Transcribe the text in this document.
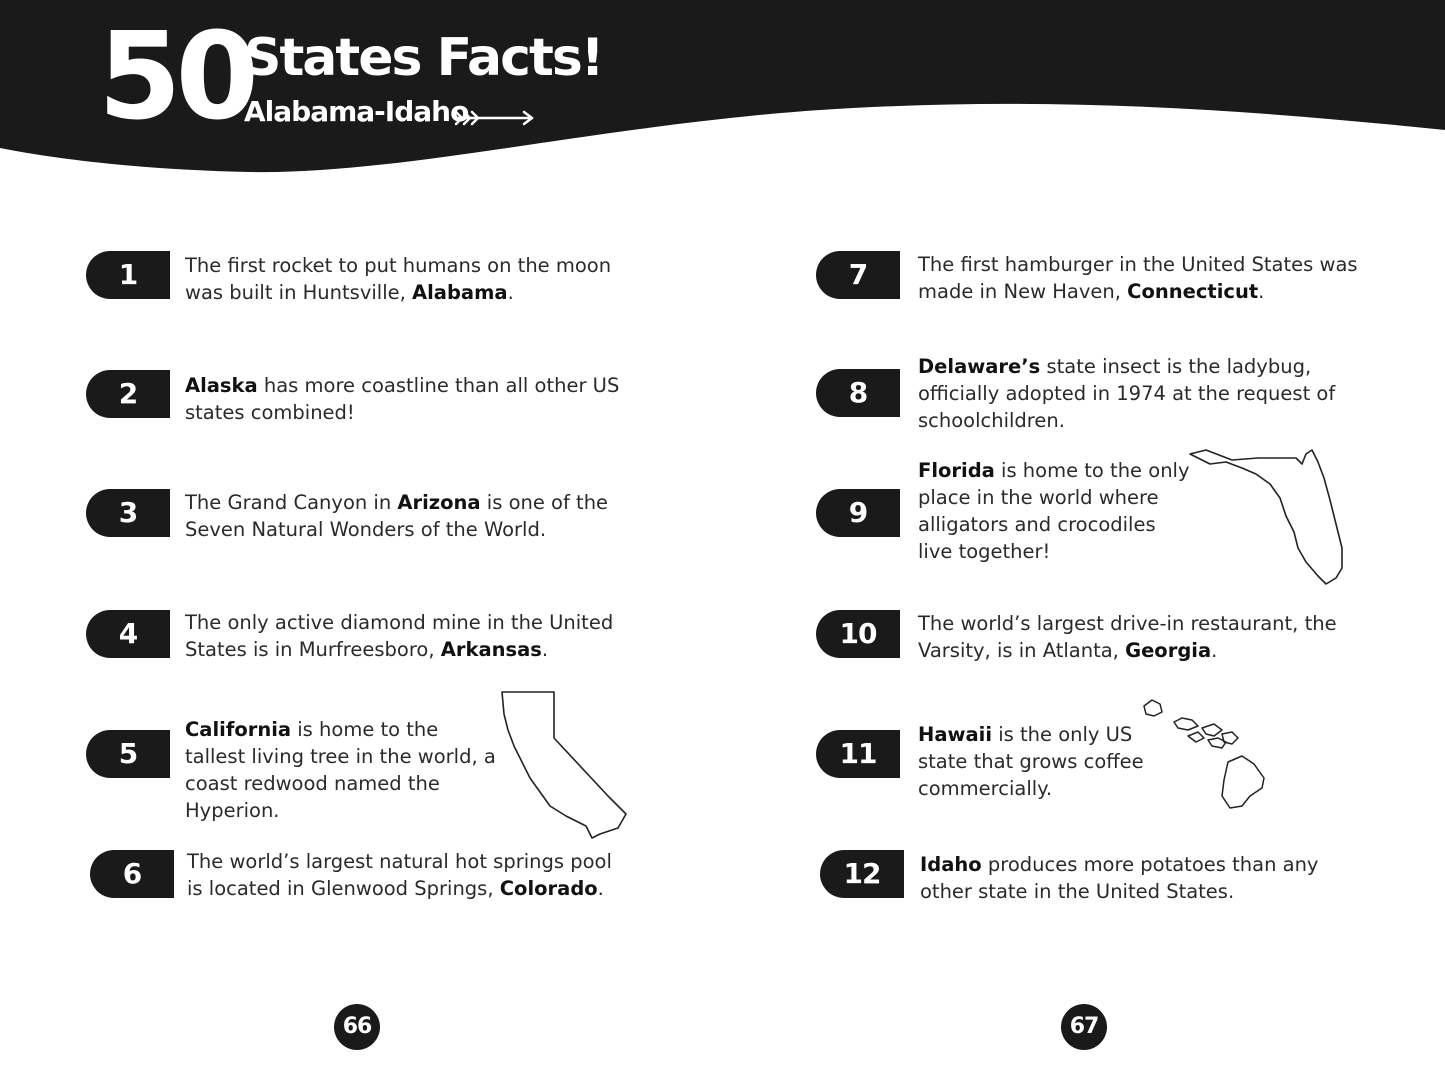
50
States Facts!
Alabama-Idaho
1	The first rocket to put humans on the moon was built in Huntsville, Alabama.
2	Alaska has more coastline than all other US states combined!
3	The Grand Canyon in Arizona is one of the Seven Natural Wonders of the World.
4	The only active diamond mine in the United States is in Murfreesboro, Arkansas.
5
California is home to the tallest living tree in the world, a coast redwood named the Hyperion.
6	The world’s largest natural hot springs pool is located in Glenwood Springs, Colorado.
7	The first hamburger in the United States was made in New Haven, Connecticut.
8
Delaware’s state insect is the ladybug, officially adopted in 1974 at the request of schoolchildren.
9
Florida is home to the only place in the world where alligators and crocodiles live together!
10	The world’s largest drive-in restaurant, the Varsity, is in Atlanta, Georgia.
11
Hawaii is the only US state that grows coffee commercially.
12	Idaho produces more potatoes than any other state in the United States.
66	67
